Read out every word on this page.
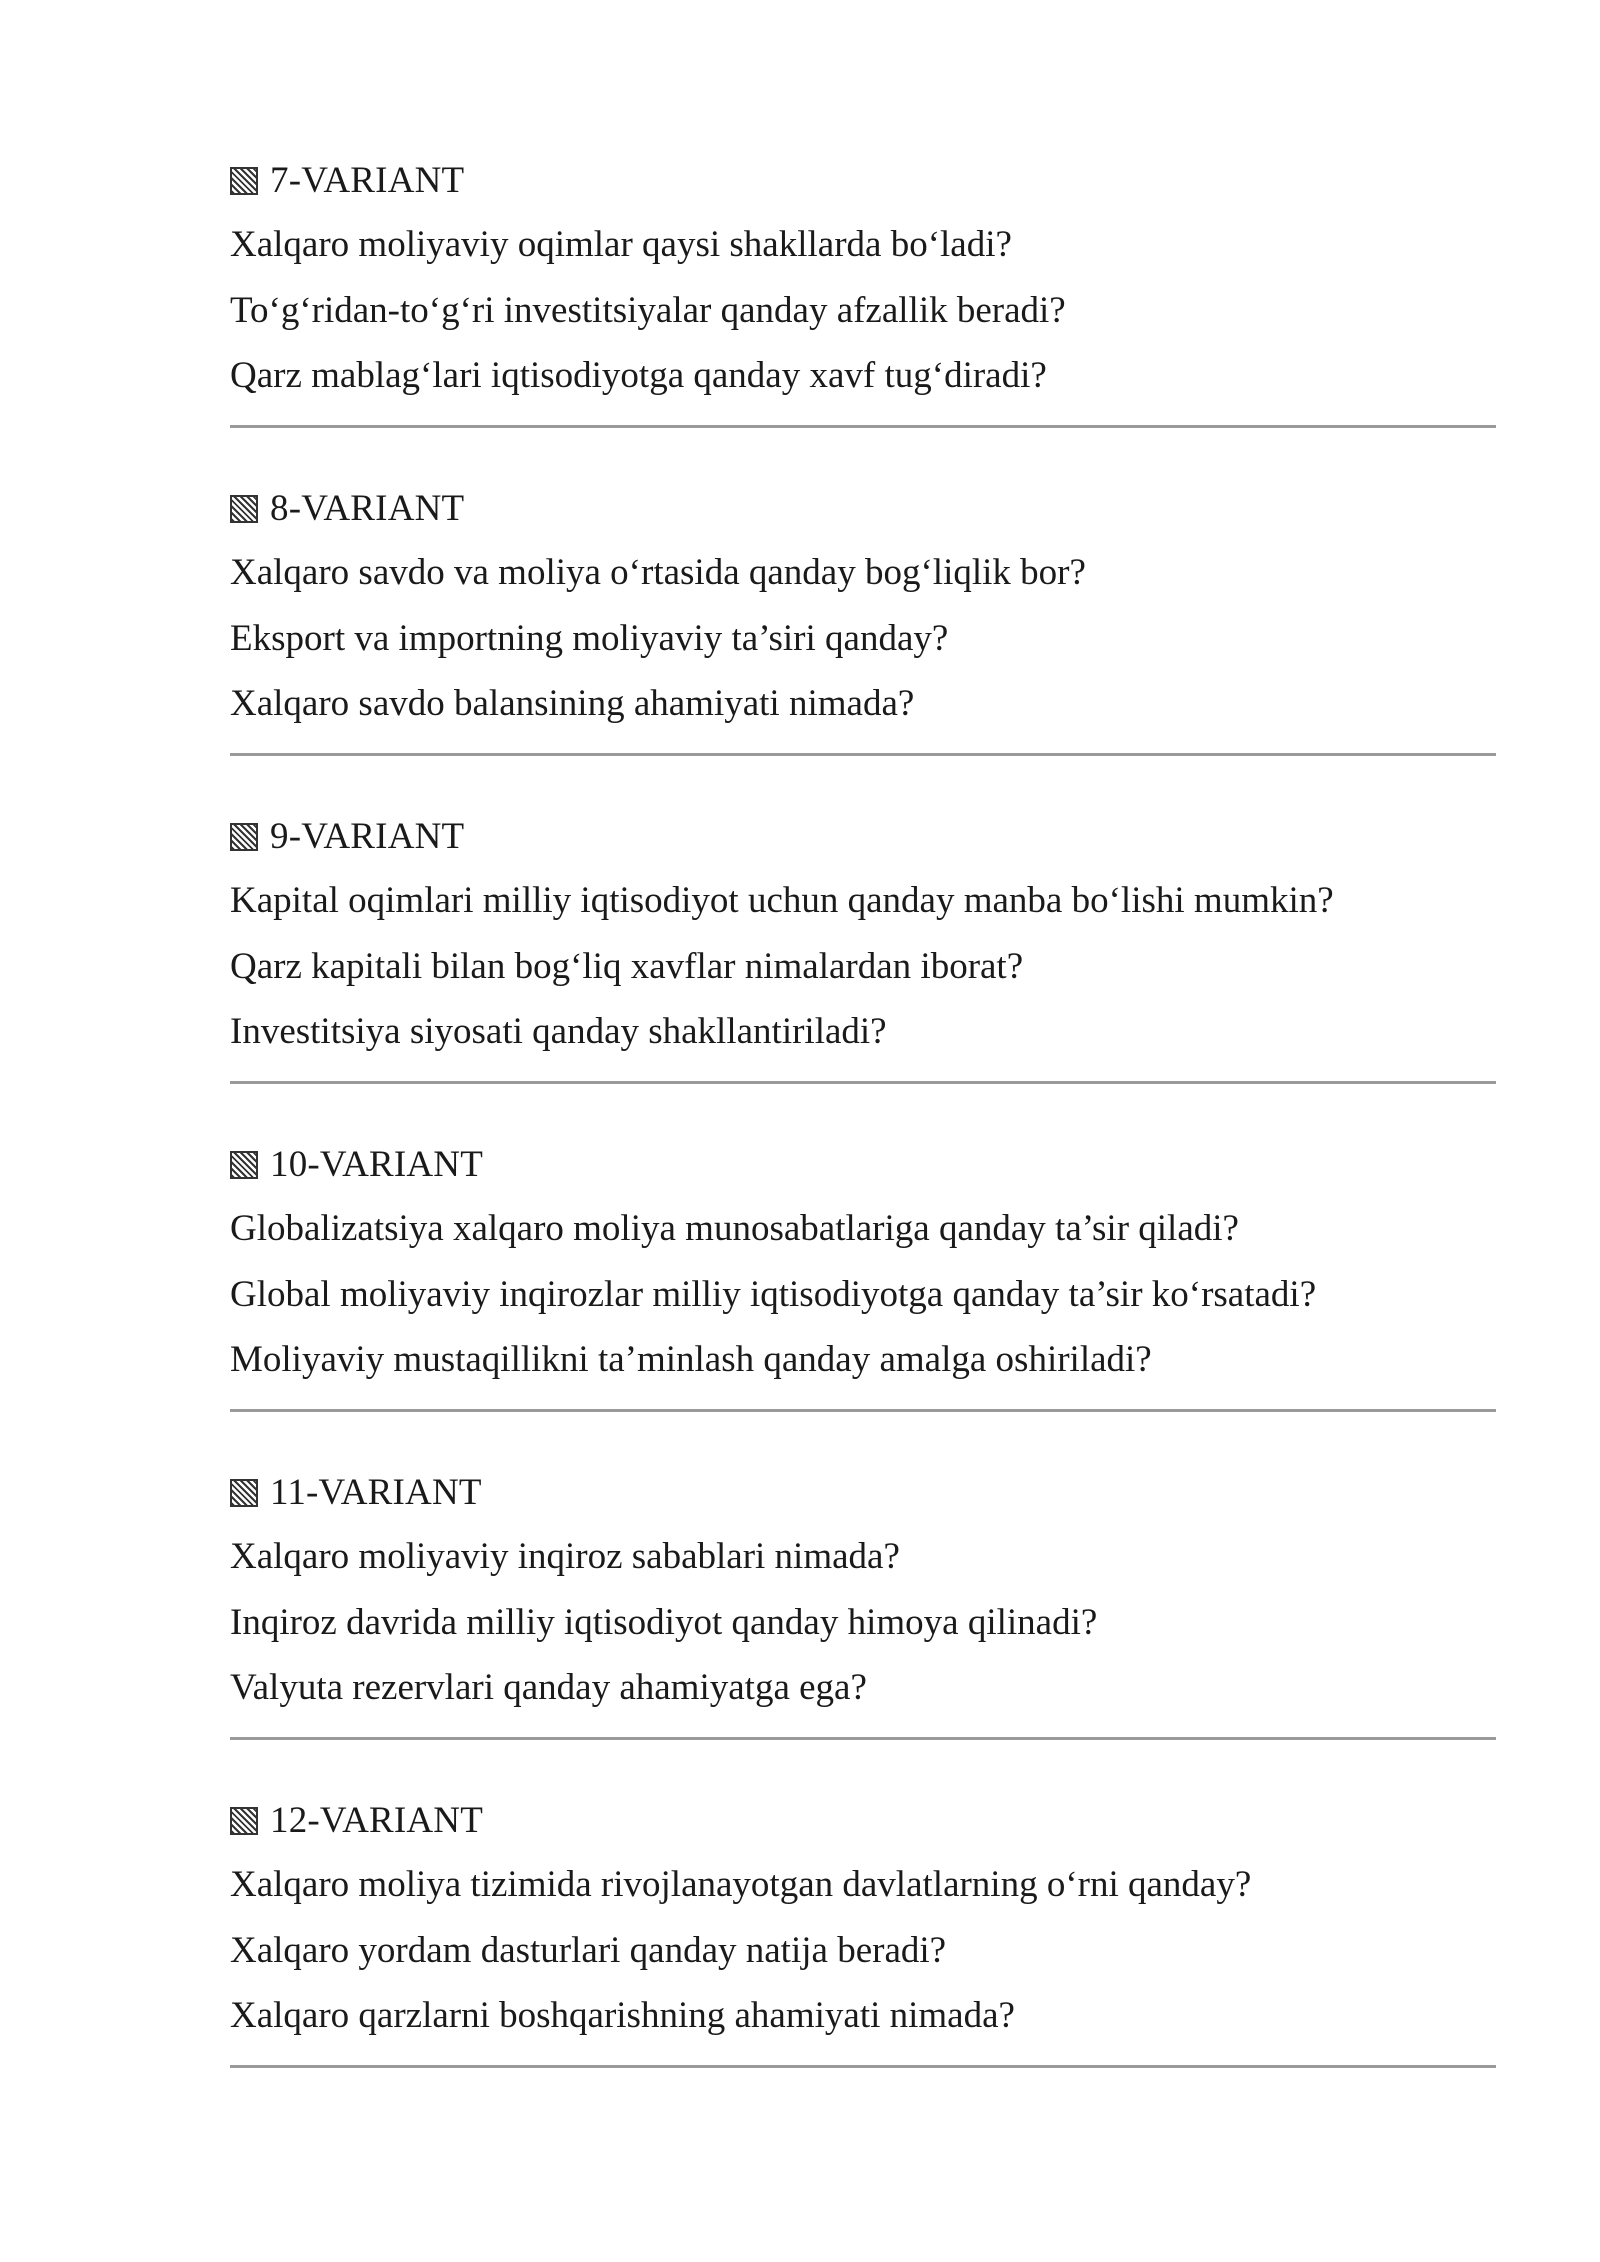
7-VARIANT
Xalqaro moliyaviy oqimlar qaysi shakllarda bo‘ladi?
To‘g‘ridan-to‘g‘ri investitsiyalar qanday afzallik beradi?
Qarz mablag‘lari iqtisodiyotga qanday xavf tug‘diradi?
8-VARIANT
Xalqaro savdo va moliya o‘rtasida qanday bog‘liqlik bor?
Eksport va importning moliyaviy ta’siri qanday?
Xalqaro savdo balansining ahamiyati nimada?
9-VARIANT
Kapital oqimlari milliy iqtisodiyot uchun qanday manba bo‘lishi mumkin?
Qarz kapitali bilan bog‘liq xavflar nimalardan iborat?
Investitsiya siyosati qanday shakllantiriladi?
10-VARIANT
Globalizatsiya xalqaro moliya munosabatlariga qanday ta’sir qiladi?
Global moliyaviy inqirozlar milliy iqtisodiyotga qanday ta’sir ko‘rsatadi?
Moliyaviy mustaqillikni ta’minlash qanday amalga oshiriladi?
11-VARIANT
Xalqaro moliyaviy inqiroz sabablari nimada?
Inqiroz davrida milliy iqtisodiyot qanday himoya qilinadi?
Valyuta rezervlari qanday ahamiyatga ega?
12-VARIANT
Xalqaro moliya tizimida rivojlanayotgan davlatlarning o‘rni qanday?
Xalqaro yordam dasturlari qanday natija beradi?
Xalqaro qarzlarni boshqarishning ahamiyati nimada?
